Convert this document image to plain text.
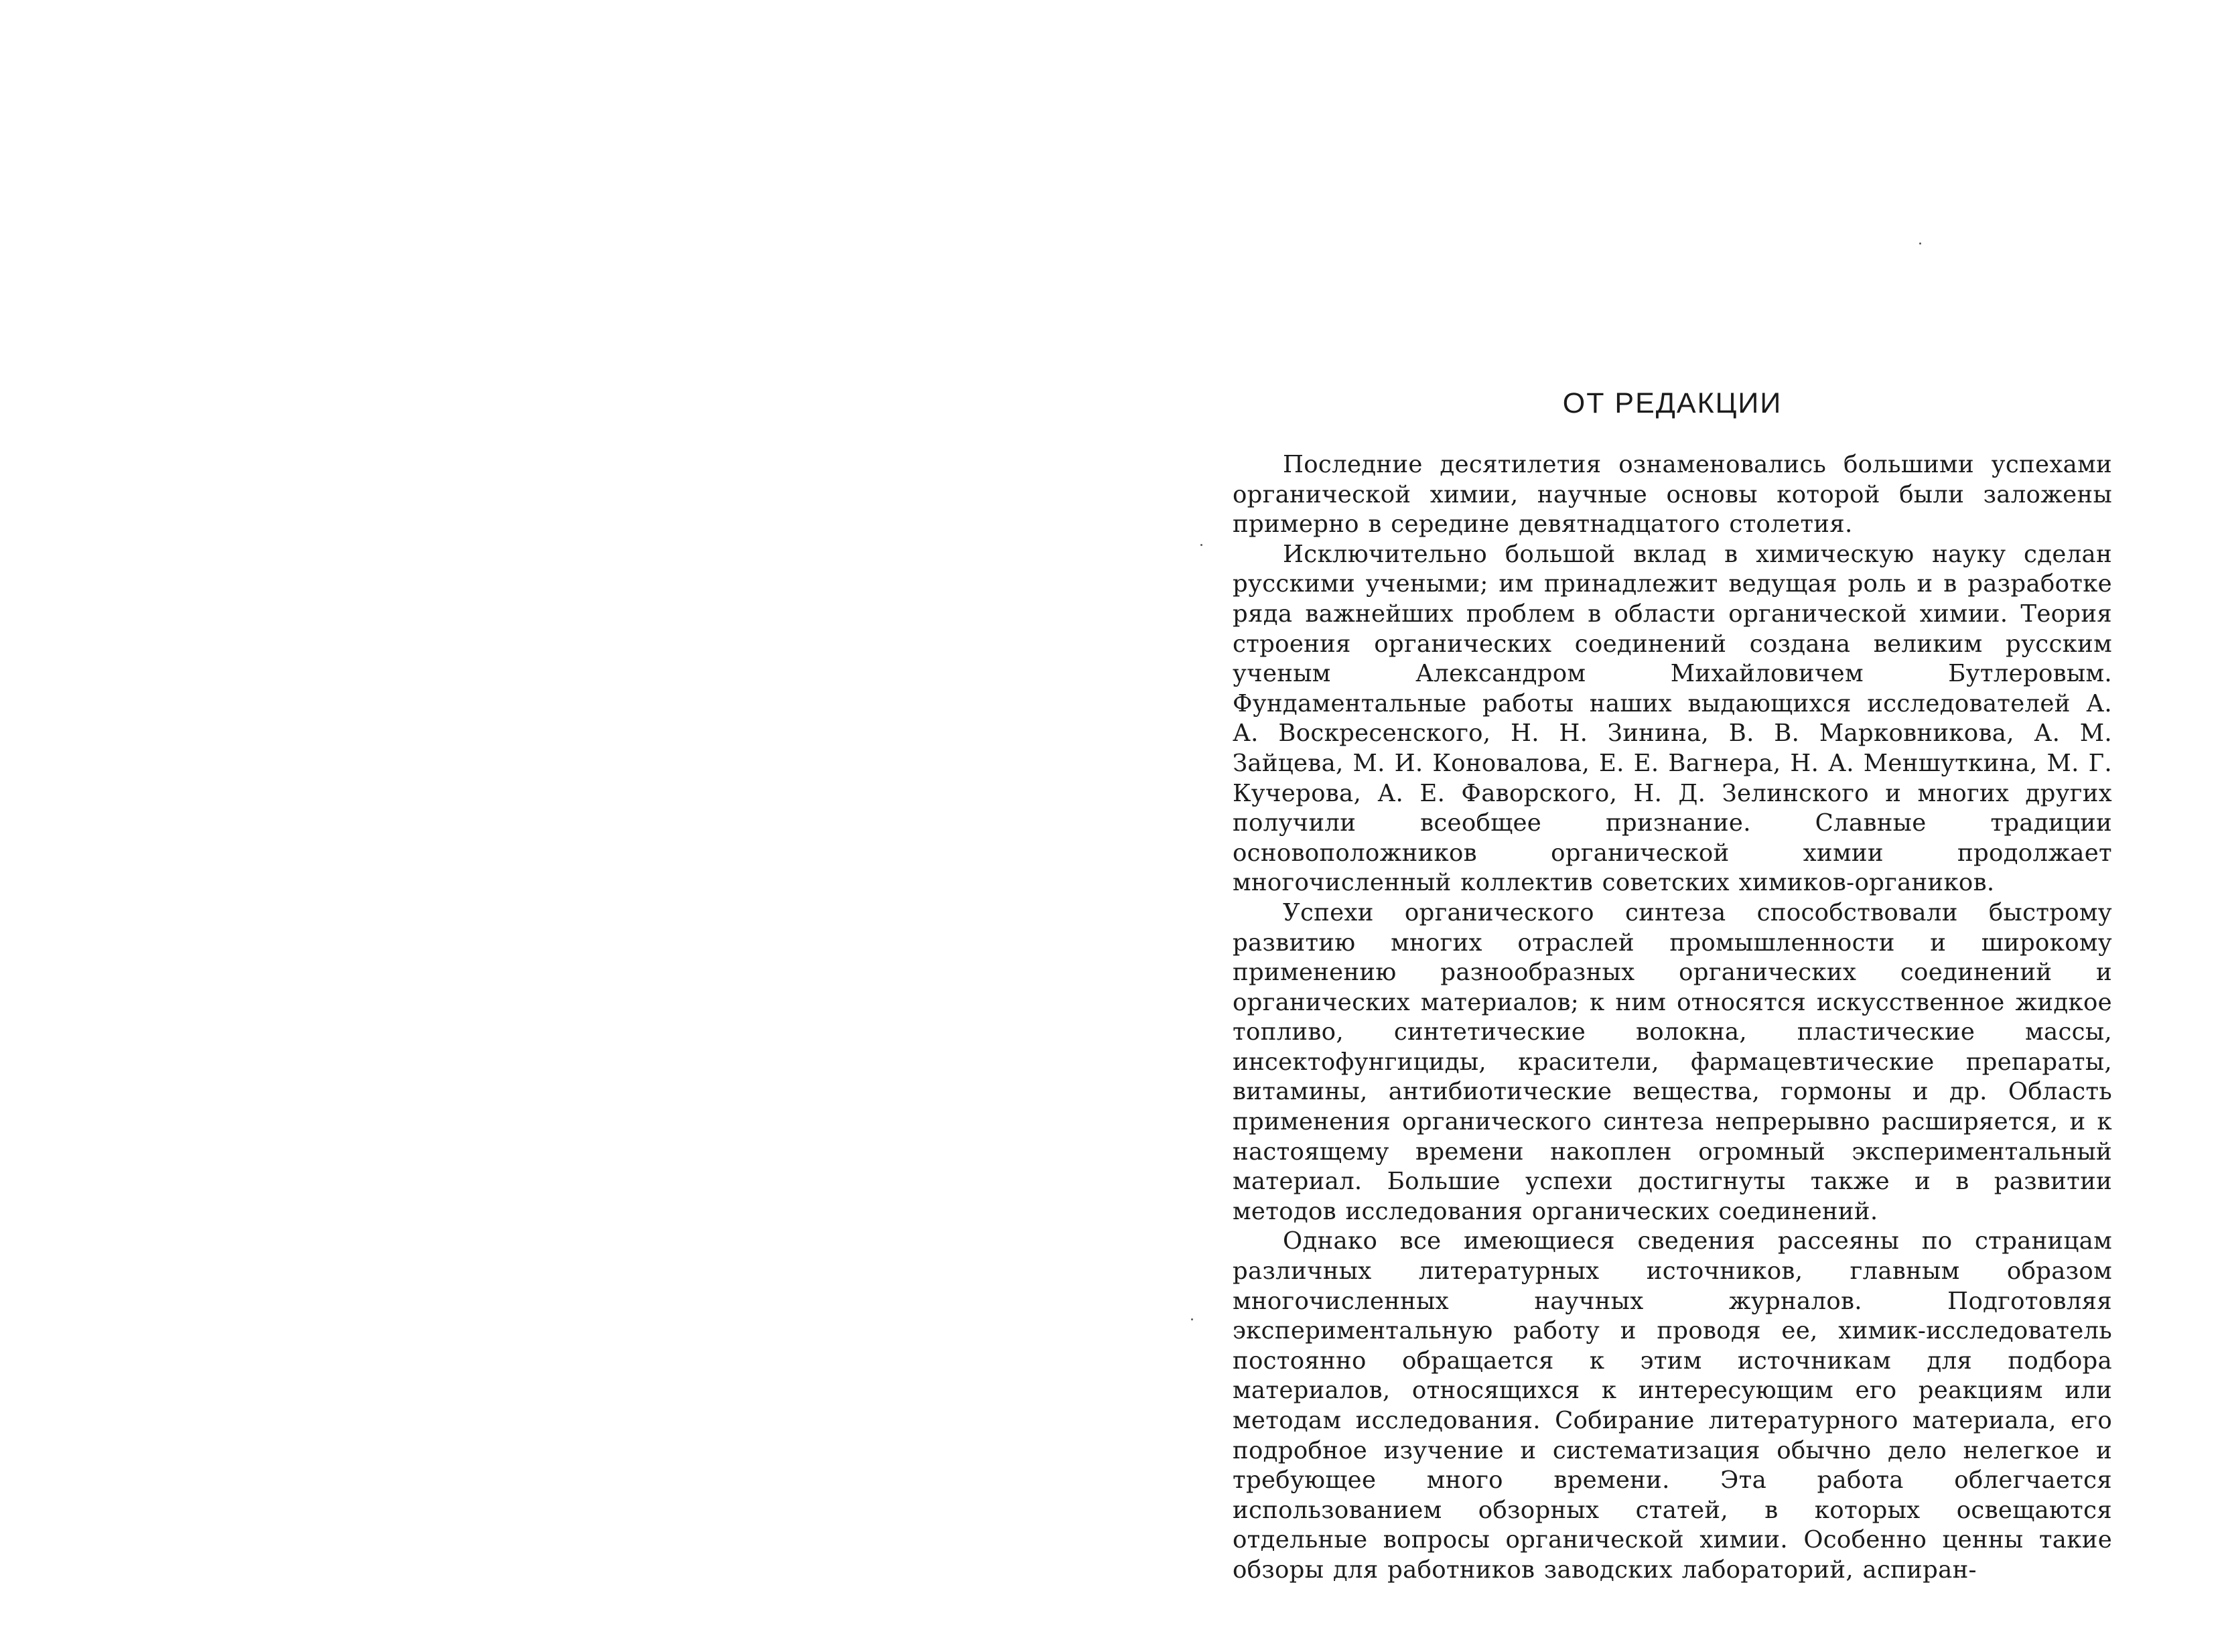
ОТ РЕДАКЦИИ

Последние десятилетия ознаменовались большими успехами органической химии, научные основы которой были заложены примерно в середине девятнадцатого столетия.

Исключительно большой вклад в химическую науку сделан русскими учеными; им принадлежит ведущая роль и в разработке ряда важнейших проблем в области органической химии. Теория строения органических соединений создана великим русским ученым Александром Михайловичем Бутлеровым. Фундаментальные работы наших выдающихся исследователей А. А. Воскресенского, Н. Н. Зинина, В. В. Марковникова, А. М. Зайцева, М. И. Коновалова, Е. Е. Вагнера, Н. А. Меншуткина, М. Г. Кучерова, А. Е. Фаворского, Н. Д. Зелинского и многих других получили всеобщее признание. Славные традиции основоположников органической химии продолжает многочисленный коллектив советских химиков-органиков.

Успехи органического синтеза способствовали быстрому развитию многих отраслей промышленности и широкому применению разнообразных органических соединений и органических материалов; к ним относятся искусственное жидкое топливо, синтетические волокна, пластические массы, инсектофунгициды, красители, фармацевтические препараты, витамины, антибиотические вещества, гормоны и др. Область применения органического синтеза непрерывно расширяется, и к настоящему времени накоплен огромный экспериментальный материал. Большие успехи достигнуты также и в развитии методов исследования органических соединений.

Однако все имеющиеся сведения рассеяны по страницам различных литературных источников, главным образом многочисленных научных журналов. Подготовляя экспериментальную работу и проводя ее, химик-исследователь постоянно обращается к этим источникам для подбора материалов, относящихся к интересующим его реакциям или методам исследования. Собирание литературного материала, его подробное изучение и систематизация обычно дело нелегкое и требующее много времени. Эта работа облегчается использованием обзорных статей, в которых освещаются отдельные вопросы органической химии. Особенно ценны такие обзоры для работников заводских лабораторий, аспиран-
